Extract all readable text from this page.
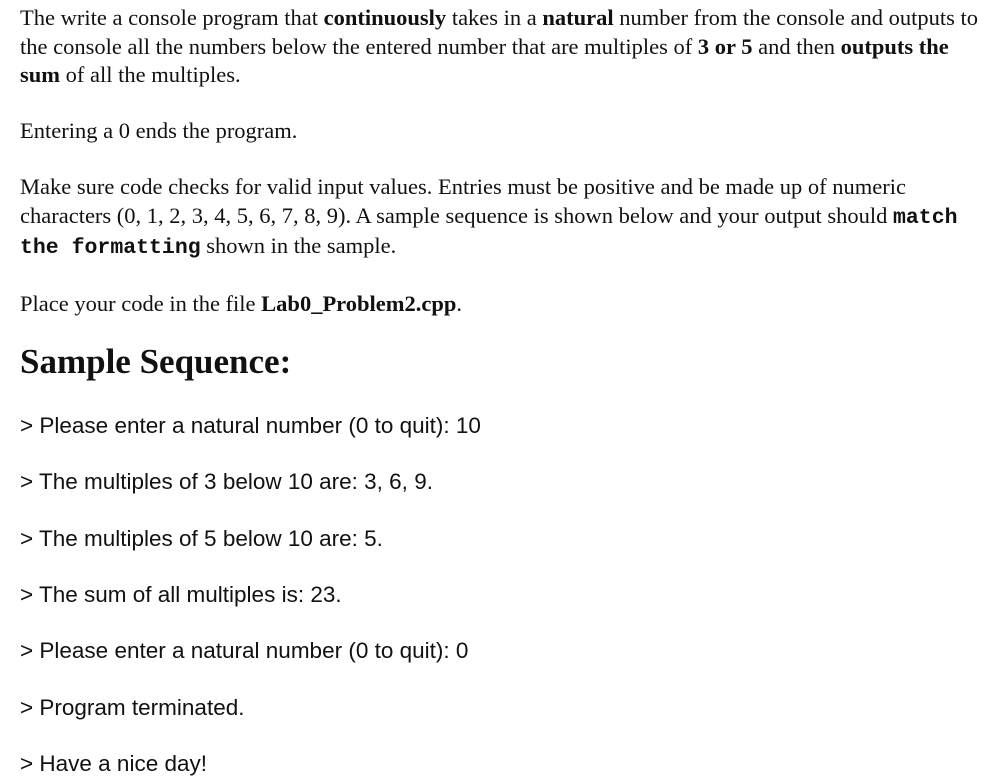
The write a console program that continuously takes in a natural number from the console and outputs to the console all the numbers below the entered number that are multiples of 3 or 5 and then outputs the sum of all the multiples.

Entering a 0 ends the program.

Make sure code checks for valid input values. Entries must be positive and be made up of numeric characters (0, 1, 2, 3, 4, 5, 6, 7, 8, 9). A sample sequence is shown below and your output should match the formatting shown in the sample.

Place your code in the file Lab0_Problem2.cpp.

Sample Sequence:

> Please enter a natural number (0 to quit): 10

> The multiples of 3 below 10 are: 3, 6, 9.

> The multiples of 5 below 10 are: 5.

> The sum of all multiples is: 23.

> Please enter a natural number (0 to quit): 0

> Program terminated.

> Have a nice day!
